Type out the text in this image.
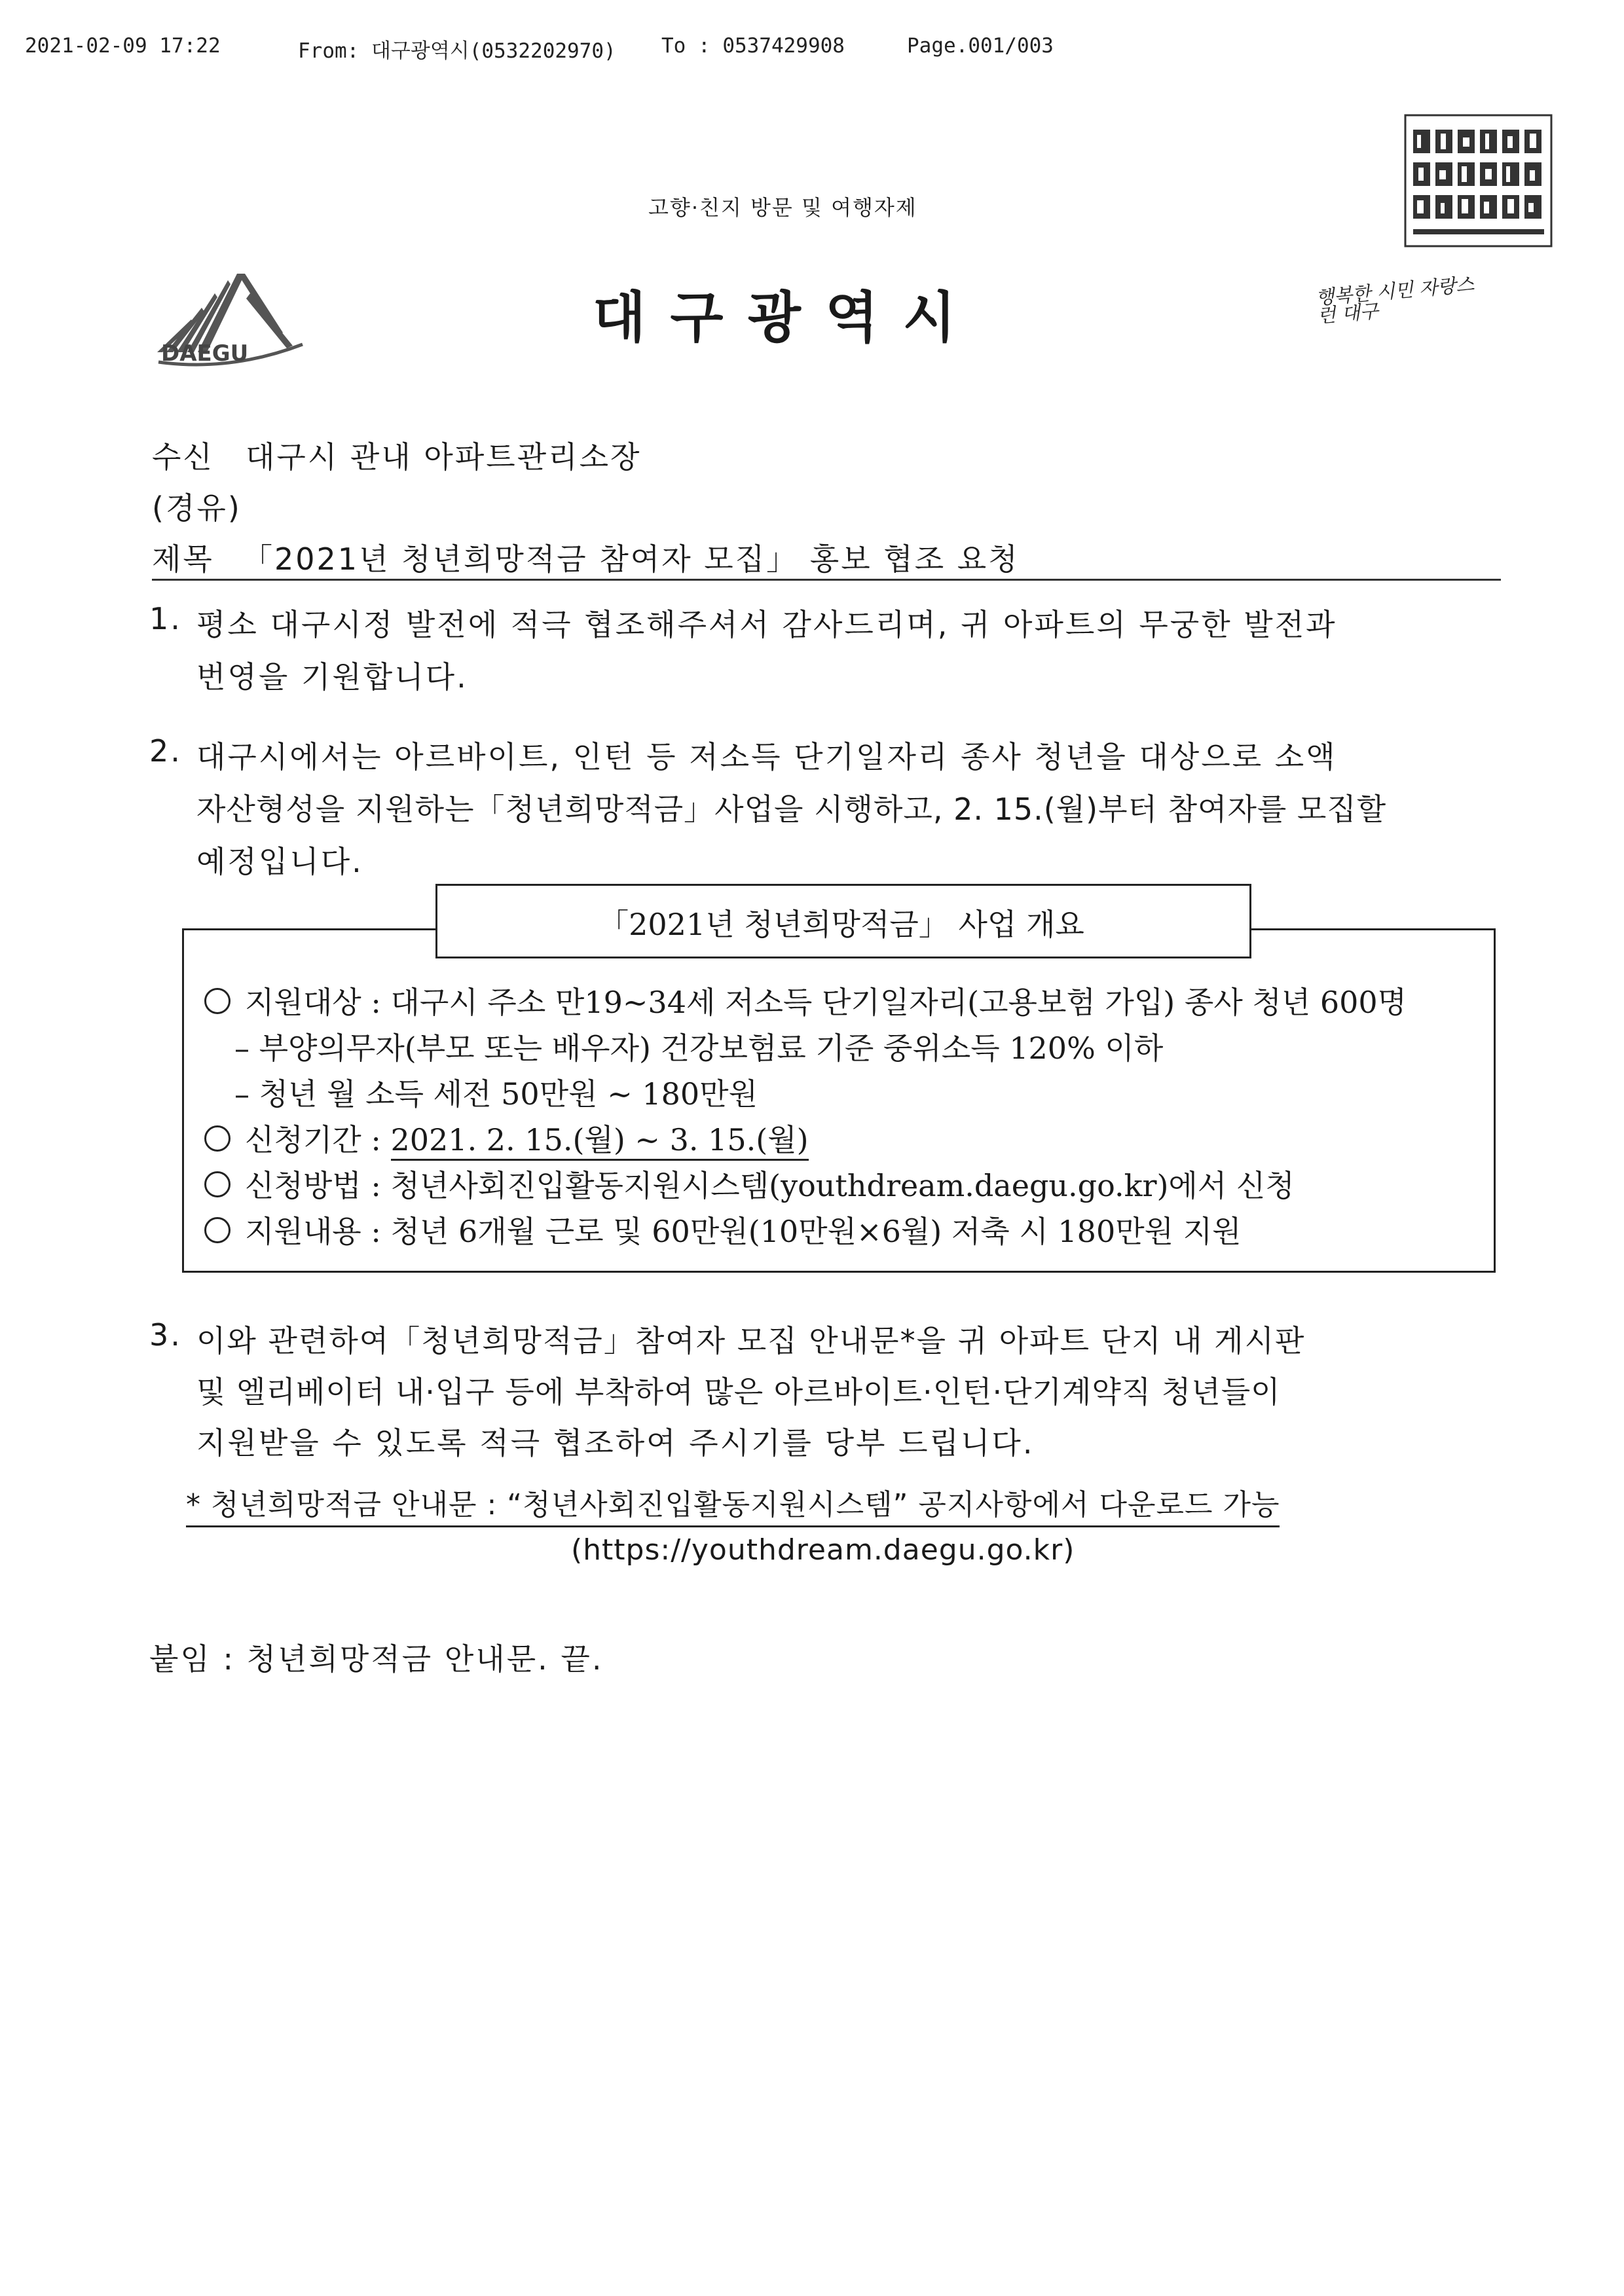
2021-02-09 17:22	From: 대구광역시(0532202970) To : 0537429908	Page.001/003
고향·친지 방문 및 여행자제
DAEGU
대 구 광 역 시	행복한 시민 자랑스런 대구
수신 대구시 관내 아파트관리소장
(경유)
제목 「2021년 청년희망적금 참여자 모집」 홍보 협조 요청
1. 평소 대구시정 발전에 적극 협조해주셔서 감사드리며, 귀 아파트의 무궁한 발전과
번영을 기원합니다.
2. 대구시에서는 아르바이트, 인턴 등 저소득 단기일자리 종사 청년을 대상으로 소액
자산형성을 지원하는「청년희망적금」사업을 시행하고, 2. 15.(월)부터 참여자를 모집할
예정입니다.
「2021년 청년희망적금」 사업 개요
지원대상 : 대구시 주소 만19~34세 저소득 단기일자리(고용보험 가입) 종사 청년 600명
– 부양의무자(부모 또는 배우자) 건강보험료 기준 중위소득 120% 이하
– 청년 월 소득 세전 50만원 ~ 180만원
신청기간 : 2021. 2. 15.(월) ~ 3. 15.(월)
신청방법 : 청년사회진입활동지원시스템(youthdream.daegu.go.kr)에서 신청
지원내용 : 청년 6개월 근로 및 60만원(10만원×6월) 저축 시 180만원 지원
3. 이와 관련하여「청년희망적금」참여자 모집 안내문*을 귀 아파트 단지 내 게시판
및 엘리베이터 내·입구 등에 부착하여 많은 아르바이트·인턴·단기계약직 청년들이
지원받을 수 있도록 적극 협조하여 주시기를 당부 드립니다.
* 청년희망적금 안내문 : “청년사회진입활동지원시스템” 공지사항에서 다운로드 가능
(https://youthdream.daegu.go.kr)
붙임 : 청년희망적금 안내문. 끝.
